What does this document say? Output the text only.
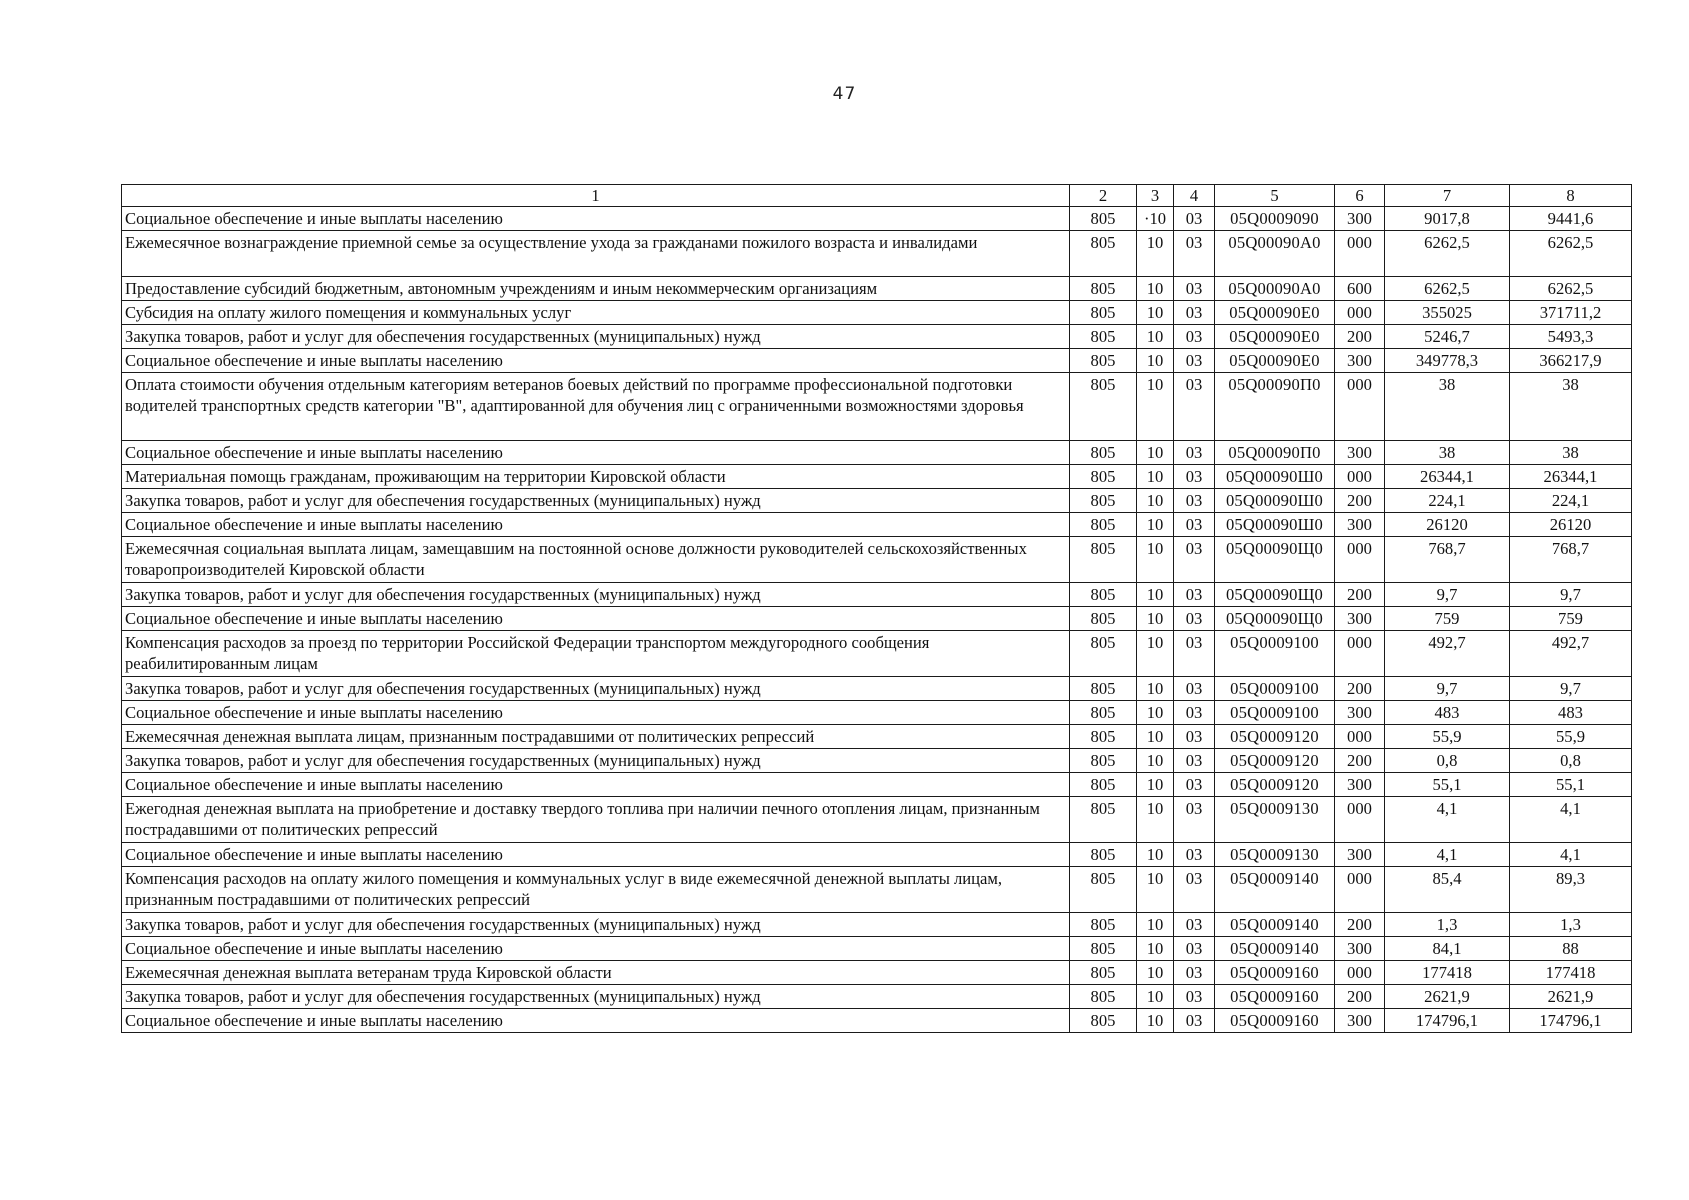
47
1	2	3	4	5	6	7	8
Социальное обеспечение и иные выплаты населению	805	·10	03	05Q0009090	300	9017,8	9441,6
Ежемесячное вознаграждение приемной семье за осуществление ухода за гражданами пожилого возраста и инвалидами	805	10	03	05Q00090A0	000	6262,5	6262,5
Предоставление субсидий бюджетным, автономным учреждениям и иным некоммерческим организациям	805	10	03	05Q00090A0	600	6262,5	6262,5
Субсидия на оплату жилого помещения и коммунальных услуг	805	10	03	05Q00090E0	000	355025	371711,2
Закупка товаров, работ и услуг для обеспечения государственных (муниципальных) нужд	805	10	03	05Q00090E0	200	5246,7	5493,3
Социальное обеспечение и иные выплаты населению	805	10	03	05Q00090E0	300	349778,3	366217,9
Оплата стоимости обучения отдельным категориям ветеранов боевых действий по программе профессиональной подготовки водителей транспортных средств категории "В", адаптированной для обучения лиц с ограниченными возможностями здоровья	805	10	03	05Q00090П0	000	38	38
Социальное обеспечение и иные выплаты населению	805	10	03	05Q00090П0	300	38	38
Материальная помощь гражданам, проживающим на территории Кировской области	805	10	03	05Q00090Ш0	000	26344,1	26344,1
Закупка товаров, работ и услуг для обеспечения государственных (муниципальных) нужд	805	10	03	05Q00090Ш0	200	224,1	224,1
Социальное обеспечение и иные выплаты населению	805	10	03	05Q00090Ш0	300	26120	26120
Ежемесячная социальная выплата лицам, замещавшим на постоянной основе должности руководителей сельскохозяйственных товаропроизводителей Кировской области	805	10	03	05Q00090Щ0	000	768,7	768,7
Закупка товаров, работ и услуг для обеспечения государственных (муниципальных) нужд	805	10	03	05Q00090Щ0	200	9,7	9,7
Социальное обеспечение и иные выплаты населению	805	10	03	05Q00090Щ0	300	759	759
Компенсация расходов за проезд по территории Российской Федерации транспортом междугородного сообщения реабилитированным лицам	805	10	03	05Q0009100	000	492,7	492,7
Закупка товаров, работ и услуг для обеспечения государственных (муниципальных) нужд	805	10	03	05Q0009100	200	9,7	9,7
Социальное обеспечение и иные выплаты населению	805	10	03	05Q0009100	300	483	483
Ежемесячная денежная выплата лицам, признанным пострадавшими от политических репрессий	805	10	03	05Q0009120	000	55,9	55,9
Закупка товаров, работ и услуг для обеспечения государственных (муниципальных) нужд	805	10	03	05Q0009120	200	0,8	0,8
Социальное обеспечение и иные выплаты населению	805	10	03	05Q0009120	300	55,1	55,1
Ежегодная денежная выплата на приобретение и доставку твердого топлива при наличии печного отопления лицам, признанным пострадавшими от политических репрессий	805	10	03	05Q0009130	000	4,1	4,1
Социальное обеспечение и иные выплаты населению	805	10	03	05Q0009130	300	4,1	4,1
Компенсация расходов на оплату жилого помещения и коммунальных услуг в виде ежемесячной денежной выплаты лицам, признанным пострадавшими от политических репрессий	805	10	03	05Q0009140	000	85,4	89,3
Закупка товаров, работ и услуг для обеспечения государственных (муниципальных) нужд	805	10	03	05Q0009140	200	1,3	1,3
Социальное обеспечение и иные выплаты населению	805	10	03	05Q0009140	300	84,1	88
Ежемесячная денежная выплата ветеранам труда Кировской области	805	10	03	05Q0009160	000	177418	177418
Закупка товаров, работ и услуг для обеспечения государственных (муниципальных) нужд	805	10	03	05Q0009160	200	2621,9	2621,9
Социальное обеспечение и иные выплаты населению	805	10	03	05Q0009160	300	174796,1	174796,1
